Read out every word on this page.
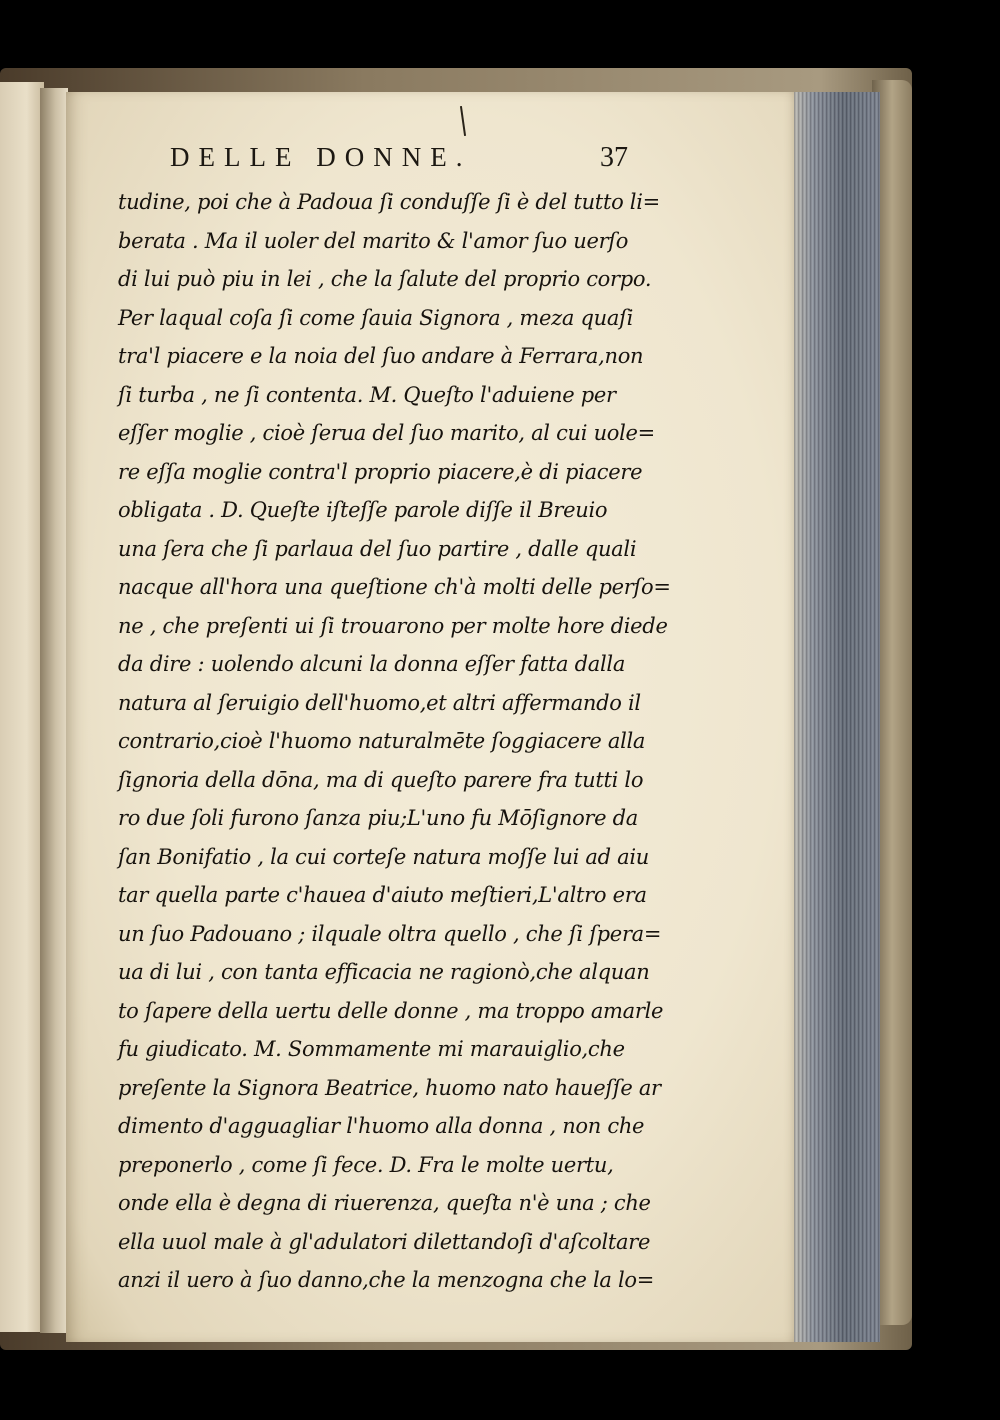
DELLE DONNE.	37
tudine, poi che à Padoua ſi conduſſe ſi è del tutto li=
berata . Ma il uoler del marito & l'amor ſuo uerſo
di lui può piu in lei , che la ſalute del proprio corpo.
Per laqual coſa ſi come ſauia Signora , meza quaſi
tra'l piacere e la noia del ſuo andare à Ferrara,non
ſi turba , ne ſi contenta. M. Queſto l'aduiene per
eſſer moglie , cioè ſerua del ſuo marito, al cui uole=
re eſſa moglie contra'l proprio piacere,è di piacere
obligata . D. Queſte iſteſſe parole diſſe il Breuio
una ſera che ſi parlaua del ſuo partire , dalle quali
nacque all'hora una queſtione ch'à molti delle perſo=
ne , che preſenti ui ſi trouarono per molte hore diede
da dire : uolendo alcuni la donna eſſer fatta dalla
natura al ſeruigio dell'huomo,et altri affermando il
contrario,cioè l'huomo naturalmēte ſoggiacere alla
ſignoria della dōna, ma di queſto parere fra tutti lo
ro due ſoli furono ſanza piu;L'uno fu Mōſignore da
ſan Bonifatio , la cui corteſe natura moſſe lui ad aiu
tar quella parte c'haueа d'aiuto meſtieri,L'altro era
un ſuo Padouano ; ilquale oltra quello , che ſi ſpera=
ua di lui , con tanta efficacia ne ragionò,che alquan
to ſapere della uertu delle donne , ma troppo amarle
fu giudicato. M. Sommamente mi marauiglio,che
preſente la Signora Beatrice, huomo nato haueſſe ar
dimento d'agguagliar l'huomo alla donna , non che
preponerlo , come ſi fece. D. Fra le molte uertu,
onde ella è degna di riuerenza, queſta n'è una ; che
ella uuol male à gl'adulatori dilettandoſi d'aſcoltare
anzi il uero à ſuo danno,che la menzogna che la lo=
